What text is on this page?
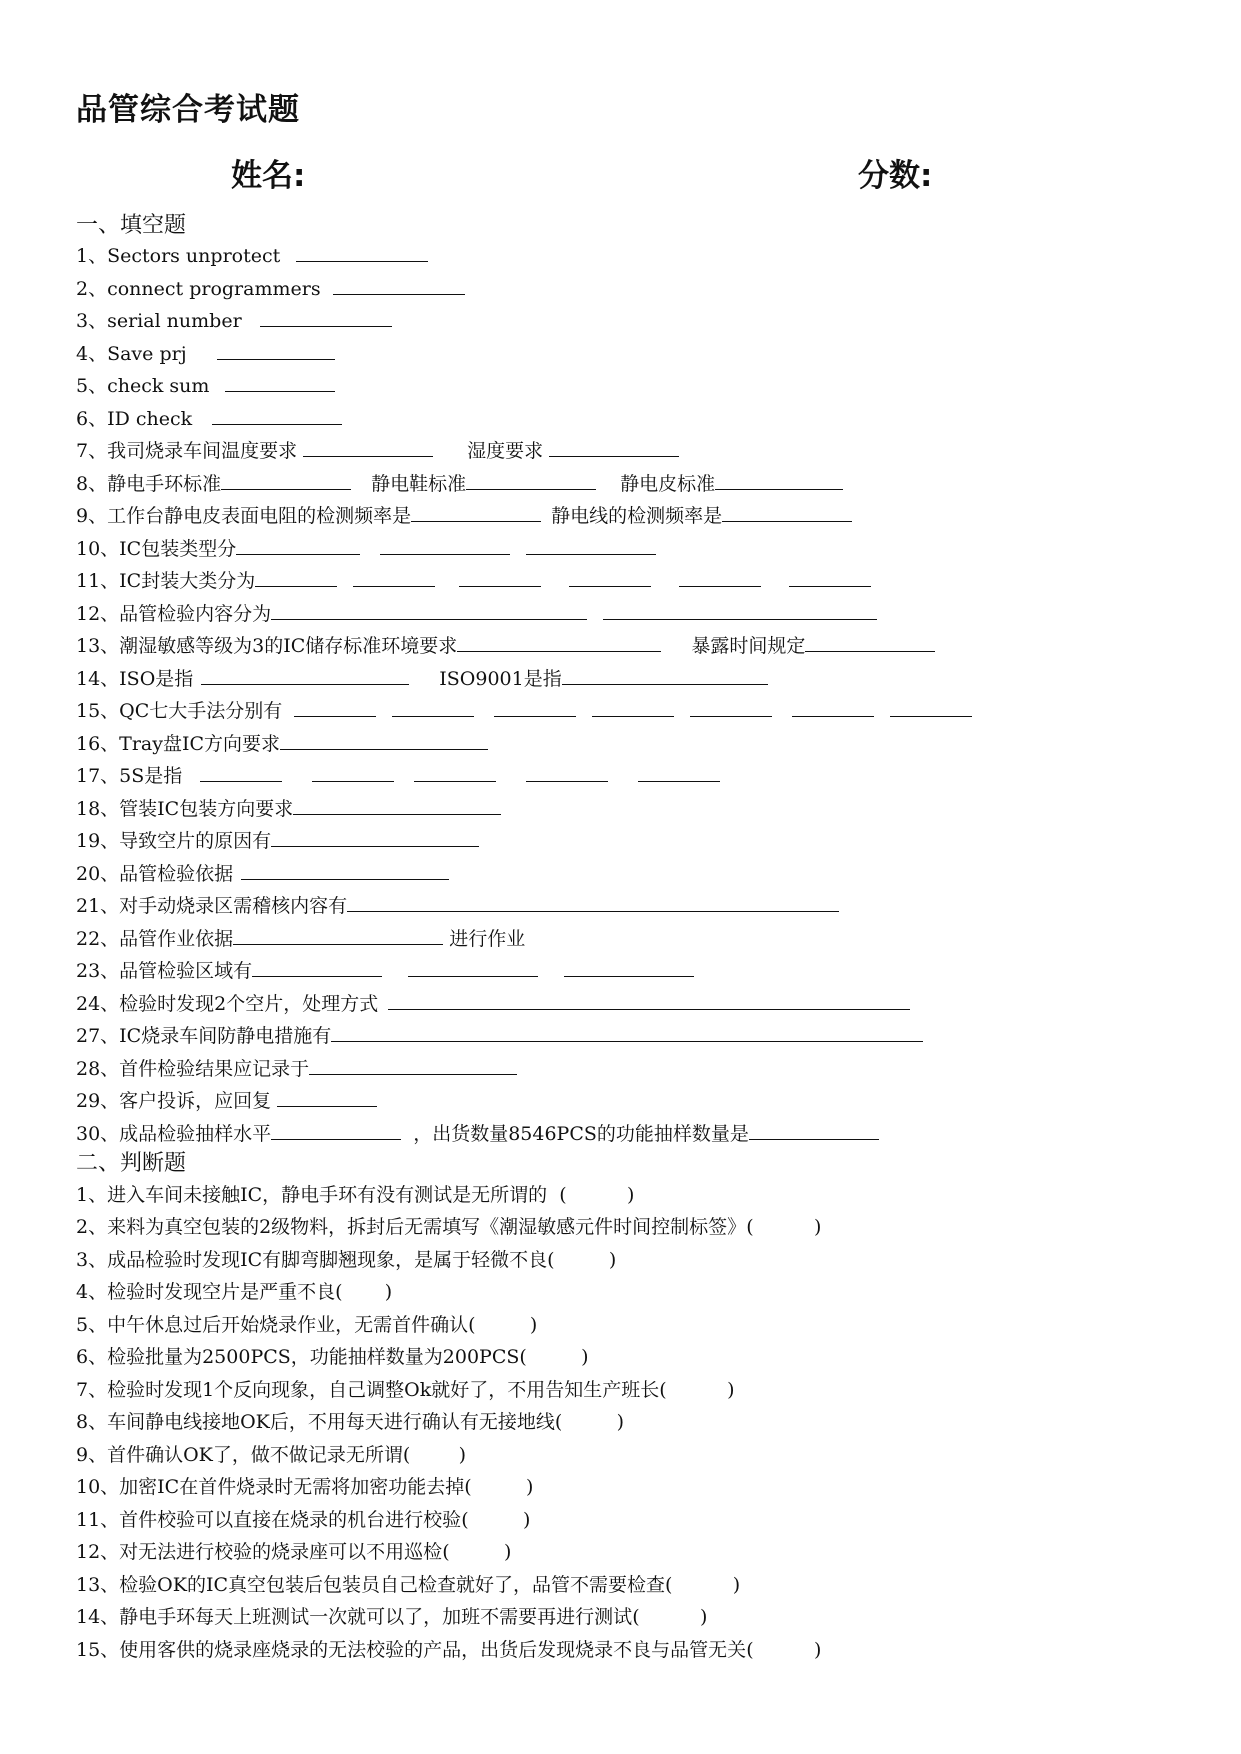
品管综合考试题
姓名:	分数:
一、填空题
1、Sectors unprotect
2、connect programmers
3、serial number
4、Save prj
5、check sum
6、ID check
7、我司烧录车间温度要求	湿度要求
8、静电手环标准	静电鞋标准	静电皮标准
9、工作台静电皮表面电阻的检测频率是	静电线的检测频率是
10、IC包装类型分
11、IC封装大类分为
12、品管检验内容分为
13、潮湿敏感等级为3的IC储存标准环境要求	暴露时间规定
14、ISO是指	ISO9001是指
15、QC七大手法分别有
16、Tray盘IC方向要求
17、5S是指
18、管装IC包装方向要求
19、导致空片的原因有
20、品管检验依据
21、对手动烧录区需稽核内容有
22、品管作业依据	进行作业
23、品管检验区域有
24、检验时发现2个空片，处理方式
27、IC烧录车间防静电措施有
28、首件检验结果应记录于
29、客户投诉，应回复
30、成品检验抽样水平	，出货数量8546PCS的功能抽样数量是
二、判断题
1、进入车间未接触IC，静电手环有没有测试是无所谓的  (          )
2、来料为真空包装的2级物料，拆封后无需填写《潮湿敏感元件时间控制标签》(          )
3、成品检验时发现IC有脚弯脚翘现象，是属于轻微不良(         )
4、检验时发现空片是严重不良(       )
5、中午休息过后开始烧录作业，无需首件确认(         )
6、检验批量为2500PCS，功能抽样数量为200PCS(         )
7、检验时发现1个反向现象，自己调整Ok就好了，不用告知生产班长(          )
8、车间静电线接地OK后，不用每天进行确认有无接地线(         )
9、首件确认OK了，做不做记录无所谓(        )
10、加密IC在首件烧录时无需将加密功能去掉(         )
11、首件校验可以直接在烧录的机台进行校验(         )
12、对无法进行校验的烧录座可以不用巡检(         )
13、检验OK的IC真空包装后包装员自己检查就好了，品管不需要检查(          )
14、静电手环每天上班测试一次就可以了，加班不需要再进行测试(          )
15、使用客供的烧录座烧录的无法校验的产品，出货后发现烧录不良与品管无关(          )
